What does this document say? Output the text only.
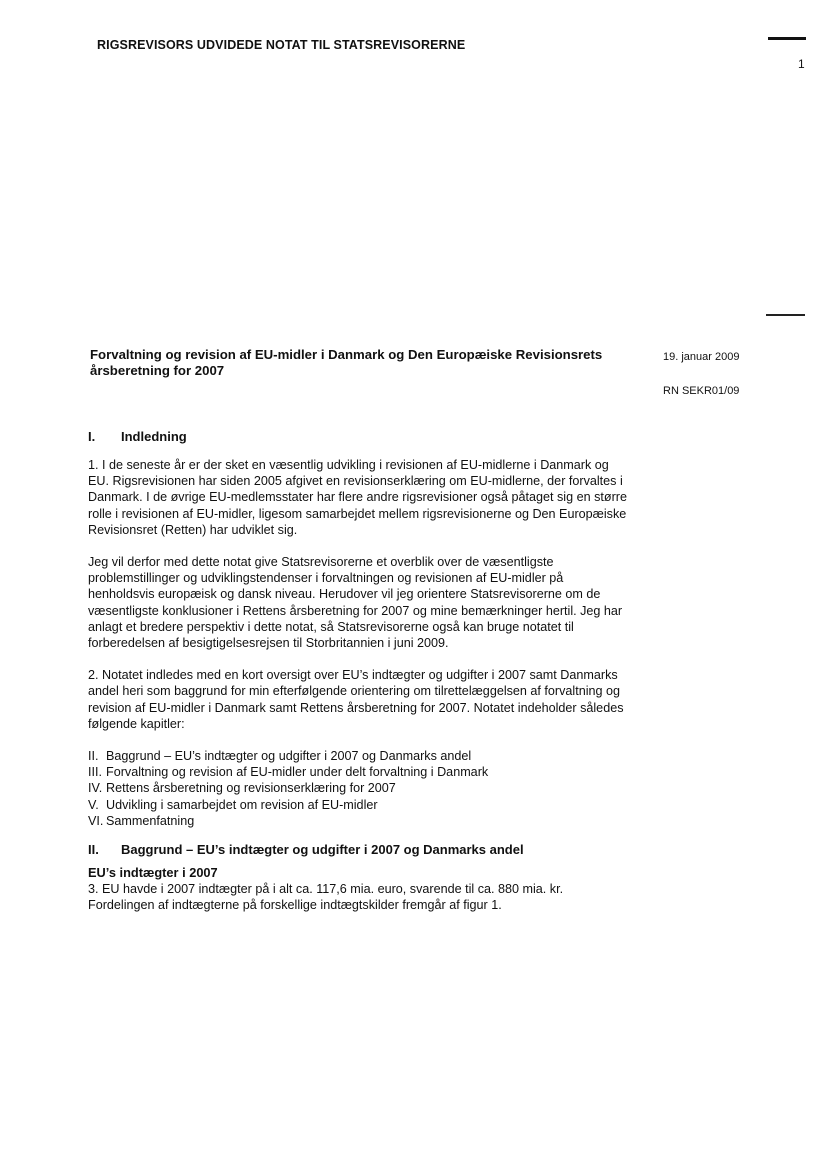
RIGSREVISORS UDVIDEDE NOTAT TIL STATSREVISORERNE
1
Forvaltning og revision af EU-midler i Danmark og Den Europæiske Revisionsrets årsberetning for 2007
19. januar 2009
RN SEKR01/09
I.	Indledning

1. I de seneste år er der sket en væsentlig udvikling i revisionen af EU-midlerne i Danmark og EU. Rigsrevisionen har siden 2005 afgivet en revisionserklæring om EU-midlerne, der forvaltes i Danmark. I de øvrige EU-medlemsstater har flere andre rigsrevisioner også påtaget sig en større rolle i revisionen af EU-midler, ligesom samarbejdet mellem rigsrevisionerne og Den Europæiske Revisionsret (Retten) har udviklet sig.

Jeg vil derfor med dette notat give Statsrevisorerne et overblik over de væsentligste problemstillinger og udviklingstendenser i forvaltningen og revisionen af EU-midler på henholdsvis europæisk og dansk niveau. Herudover vil jeg orientere Statsrevisorerne om de væsentligste konklusioner i Rettens årsberetning for 2007 og mine bemærkninger hertil. Jeg har anlagt et bredere perspektiv i dette notat, så Statsrevisorerne også kan bruge notatet til forberedelsen af besigtigelsesrejsen til Storbritannien i juni 2009.

2. Notatet indledes med en kort oversigt over EU’s indtægter og udgifter i 2007 samt Danmarks andel heri som baggrund for min efterfølgende orientering om tilrettelæggelsen af forvaltning og revision af EU-midler i Danmark samt Rettens årsberetning for 2007. Notatet indeholder således følgende kapitler:

II. Baggrund – EU’s indtægter og udgifter i 2007 og Danmarks andel
III. Forvaltning og revision af EU-midler under delt forvaltning i Danmark
IV. Rettens årsberetning og revisionserklæring for 2007
V. Udvikling i samarbejdet om revision af EU-midler
VI. Sammenfatning
II.	Baggrund – EU’s indtægter og udgifter i 2007 og Danmarks andel

EU’s indtægter i 2007

3. EU havde i 2007 indtægter på i alt ca. 117,6 mia. euro, svarende til ca. 880 mia. kr. Fordelingen af indtægterne på forskellige indtægtskilder fremgår af figur 1.
